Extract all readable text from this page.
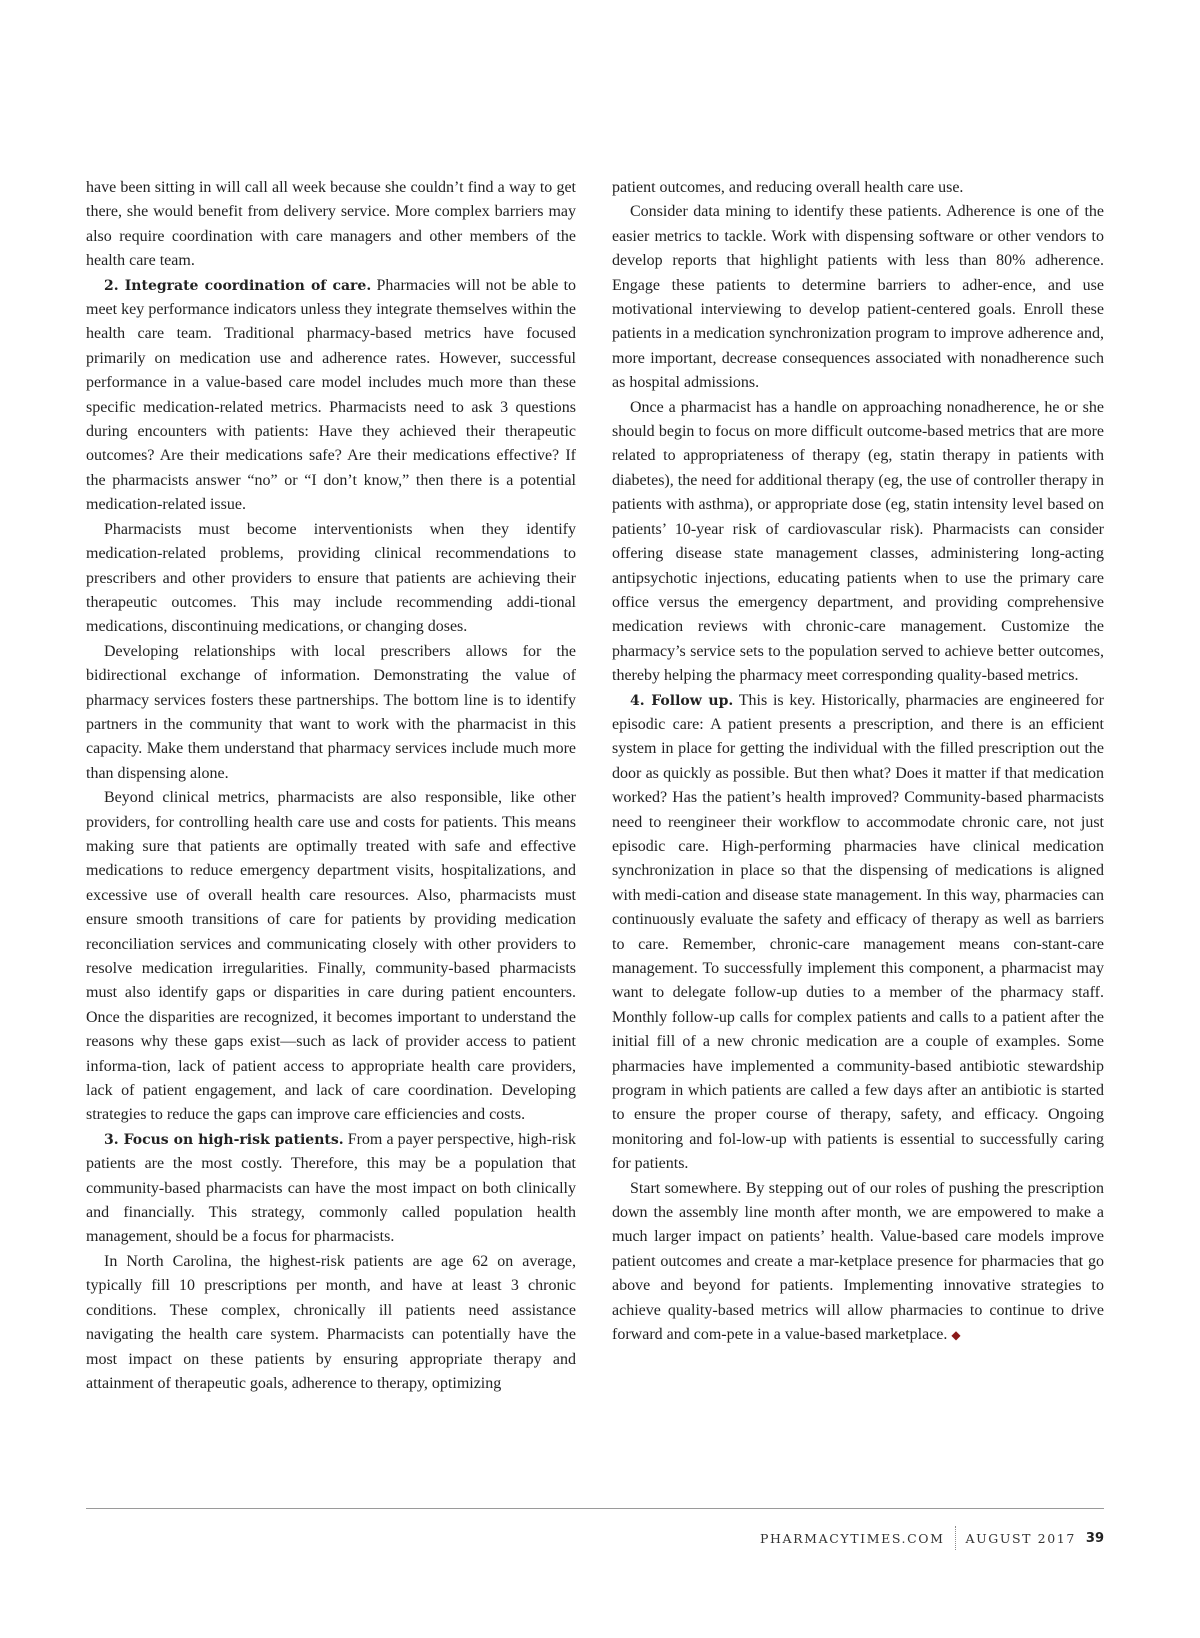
have been sitting in will call all week because she couldn’t find a way to get there, she would benefit from delivery service. More complex barriers may also require coordination with care managers and other members of the health care team.

2. Integrate coordination of care. Pharmacies will not be able to meet key performance indicators unless they integrate themselves within the health care team. Traditional pharmacy-based metrics have focused primarily on medication use and adherence rates. However, successful performance in a value-based care model includes much more than these specific medication-related metrics. Pharmacists need to ask 3 questions during encounters with patients: Have they achieved their therapeutic outcomes? Are their medications safe? Are their medications effective? If the pharmacists answer “no” or “I don’t know,” then there is a potential medication-related issue.

Pharmacists must become interventionists when they identify medication-related problems, providing clinical recommendations to prescribers and other providers to ensure that patients are achieving their therapeutic outcomes. This may include recommending addi-tional medications, discontinuing medications, or changing doses.

Developing relationships with local prescribers allows for the bidirectional exchange of information. Demonstrating the value of pharmacy services fosters these partnerships. The bottom line is to identify partners in the community that want to work with the pharmacist in this capacity. Make them understand that pharmacy services include much more than dispensing alone.

Beyond clinical metrics, pharmacists are also responsible, like other providers, for controlling health care use and costs for patients. This means making sure that patients are optimally treated with safe and effective medications to reduce emergency department visits, hospitalizations, and excessive use of overall health care resources. Also, pharmacists must ensure smooth transitions of care for patients by providing medication reconciliation services and communicating closely with other providers to resolve medication irregularities. Finally, community-based pharmacists must also identify gaps or disparities in care during patient encounters. Once the disparities are recognized, it becomes important to understand the reasons why these gaps exist—such as lack of provider access to patient informa-tion, lack of patient access to appropriate health care providers, lack of patient engagement, and lack of care coordination. Developing strategies to reduce the gaps can improve care efficiencies and costs.

3. Focus on high-risk patients. From a payer perspective, high-risk patients are the most costly. Therefore, this may be a population that community-based pharmacists can have the most impact on both clinically and financially. This strategy, commonly called population health management, should be a focus for pharmacists.

In North Carolina, the highest-risk patients are age 62 on average, typically fill 10 prescriptions per month, and have at least 3 chronic conditions. These complex, chronically ill patients need assistance navigating the health care system. Pharmacists can potentially have the most impact on these patients by ensuring appropriate therapy and attainment of therapeutic goals, adherence to therapy, optimizing

patient outcomes, and reducing overall health care use.

Consider data mining to identify these patients. Adherence is one of the easier metrics to tackle. Work with dispensing software or other vendors to develop reports that highlight patients with less than 80% adherence. Engage these patients to determine barriers to adher-ence, and use motivational interviewing to develop patient-centered goals. Enroll these patients in a medication synchronization program to improve adherence and, more important, decrease consequences associated with nonadherence such as hospital admissions.

Once a pharmacist has a handle on approaching nonadherence, he or she should begin to focus on more difficult outcome-based metrics that are more related to appropriateness of therapy (eg, statin therapy in patients with diabetes), the need for additional therapy (eg, the use of controller therapy in patients with asthma), or appropriate dose (eg, statin intensity level based on patients’ 10-year risk of cardiovascular risk). Pharmacists can consider offering disease state management classes, administering long-acting antipsychotic injections, educating patients when to use the primary care office versus the emergency department, and providing comprehensive medication reviews with chronic-care management. Customize the pharmacy’s service sets to the population served to achieve better outcomes, thereby helping the pharmacy meet corresponding quality-based metrics.

4. Follow up. This is key. Historically, pharmacies are engineered for episodic care: A patient presents a prescription, and there is an efficient system in place for getting the individual with the filled prescription out the door as quickly as possible. But then what? Does it matter if that medication worked? Has the patient’s health improved? Community-based pharmacists need to reengineer their workflow to accommodate chronic care, not just episodic care. High-performing pharmacies have clinical medication synchronization in place so that the dispensing of medications is aligned with medi-cation and disease state management. In this way, pharmacies can continuously evaluate the safety and efficacy of therapy as well as barriers to care. Remember, chronic-care management means con-stant-care management. To successfully implement this component, a pharmacist may want to delegate follow-up duties to a member of the pharmacy staff. Monthly follow-up calls for complex patients and calls to a patient after the initial fill of a new chronic medication are a couple of examples. Some pharmacies have implemented a community-based antibiotic stewardship program in which patients are called a few days after an antibiotic is started to ensure the proper course of therapy, safety, and efficacy. Ongoing monitoring and fol-low-up with patients is essential to successfully caring for patients.

Start somewhere. By stepping out of our roles of pushing the prescription down the assembly line month after month, we are empowered to make a much larger impact on patients’ health. Value-based care models improve patient outcomes and create a mar-ketplace presence for pharmacies that go above and beyond for patients. Implementing innovative strategies to achieve quality-based metrics will allow pharmacies to continue to drive forward and com-pete in a value-based marketplace. ◆

PHARMACYTIMES.COM AUGUST 2017 39
